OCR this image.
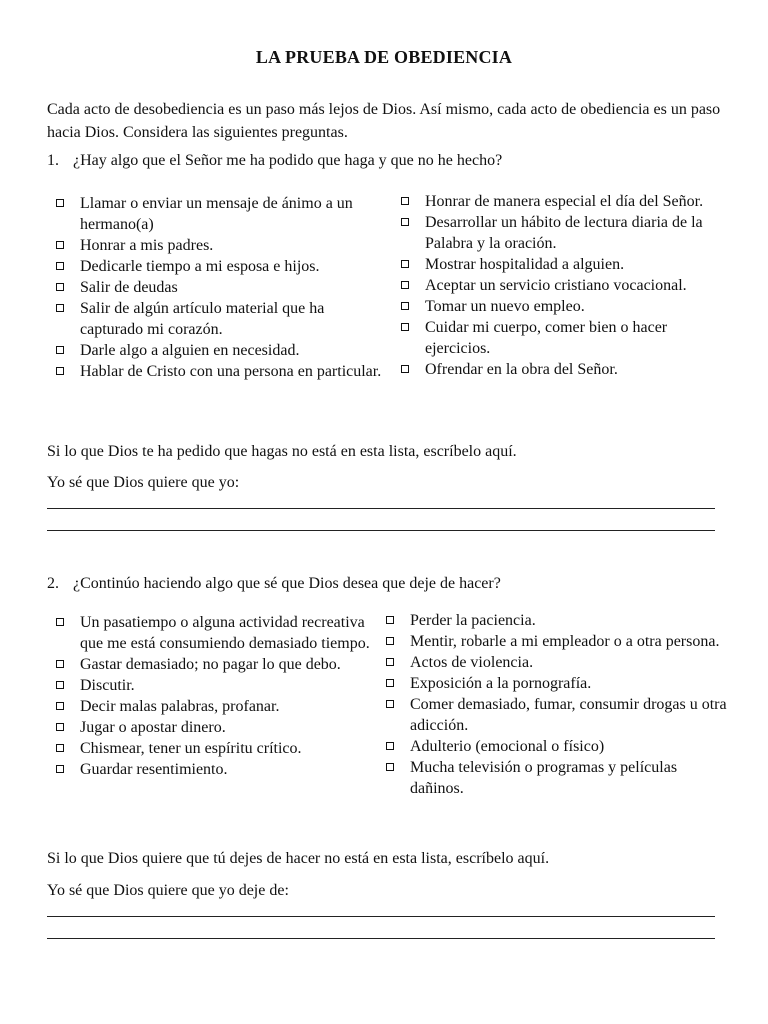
LA PRUEBA DE OBEDIENCIA
Cada acto de desobediencia es un paso más lejos de Dios. Así mismo, cada acto de obediencia es un paso hacia Dios. Considera las siguientes preguntas.
1. ¿Hay algo que el Señor me ha podido que haga y que no he hecho?
Llamar o enviar un mensaje de ánimo a un hermano(a)
Honrar a mis padres.
Dedicarle tiempo a mi esposa e hijos.
Salir de deudas
Salir de algún artículo material que ha capturado mi corazón.
Darle algo a alguien en necesidad.
Hablar de Cristo con una persona en particular.
Honrar de manera especial el día del Señor.
Desarrollar un hábito de lectura diaria de la Palabra y la oración.
Mostrar hospitalidad a alguien.
Aceptar un servicio cristiano vocacional.
Tomar un nuevo empleo.
Cuidar mi cuerpo, comer bien o hacer ejercicios.
Ofrendar en la obra del Señor.
Si lo que Dios te ha pedido que hagas no está en esta lista, escríbelo aquí.
Yo sé que Dios quiere que yo:
2. ¿Continúo haciendo algo que sé que Dios desea que deje de hacer?
Un pasatiempo o alguna actividad recreativa que me está consumiendo demasiado tiempo.
Gastar demasiado; no pagar lo que debo.
Discutir.
Decir malas palabras, profanar.
Jugar o apostar dinero.
Chismear, tener un espíritu crítico.
Guardar resentimiento.
Perder la paciencia.
Mentir, robarle a mi empleador o a otra persona.
Actos de violencia.
Exposición a la pornografía.
Comer demasiado, fumar, consumir drogas u otra adicción.
Adulterio (emocional o físico)
Mucha televisión o programas y películas dañinos.
Si lo que Dios quiere que tú dejes de hacer no está en esta lista, escríbelo aquí.
Yo sé que Dios quiere que yo deje de:
